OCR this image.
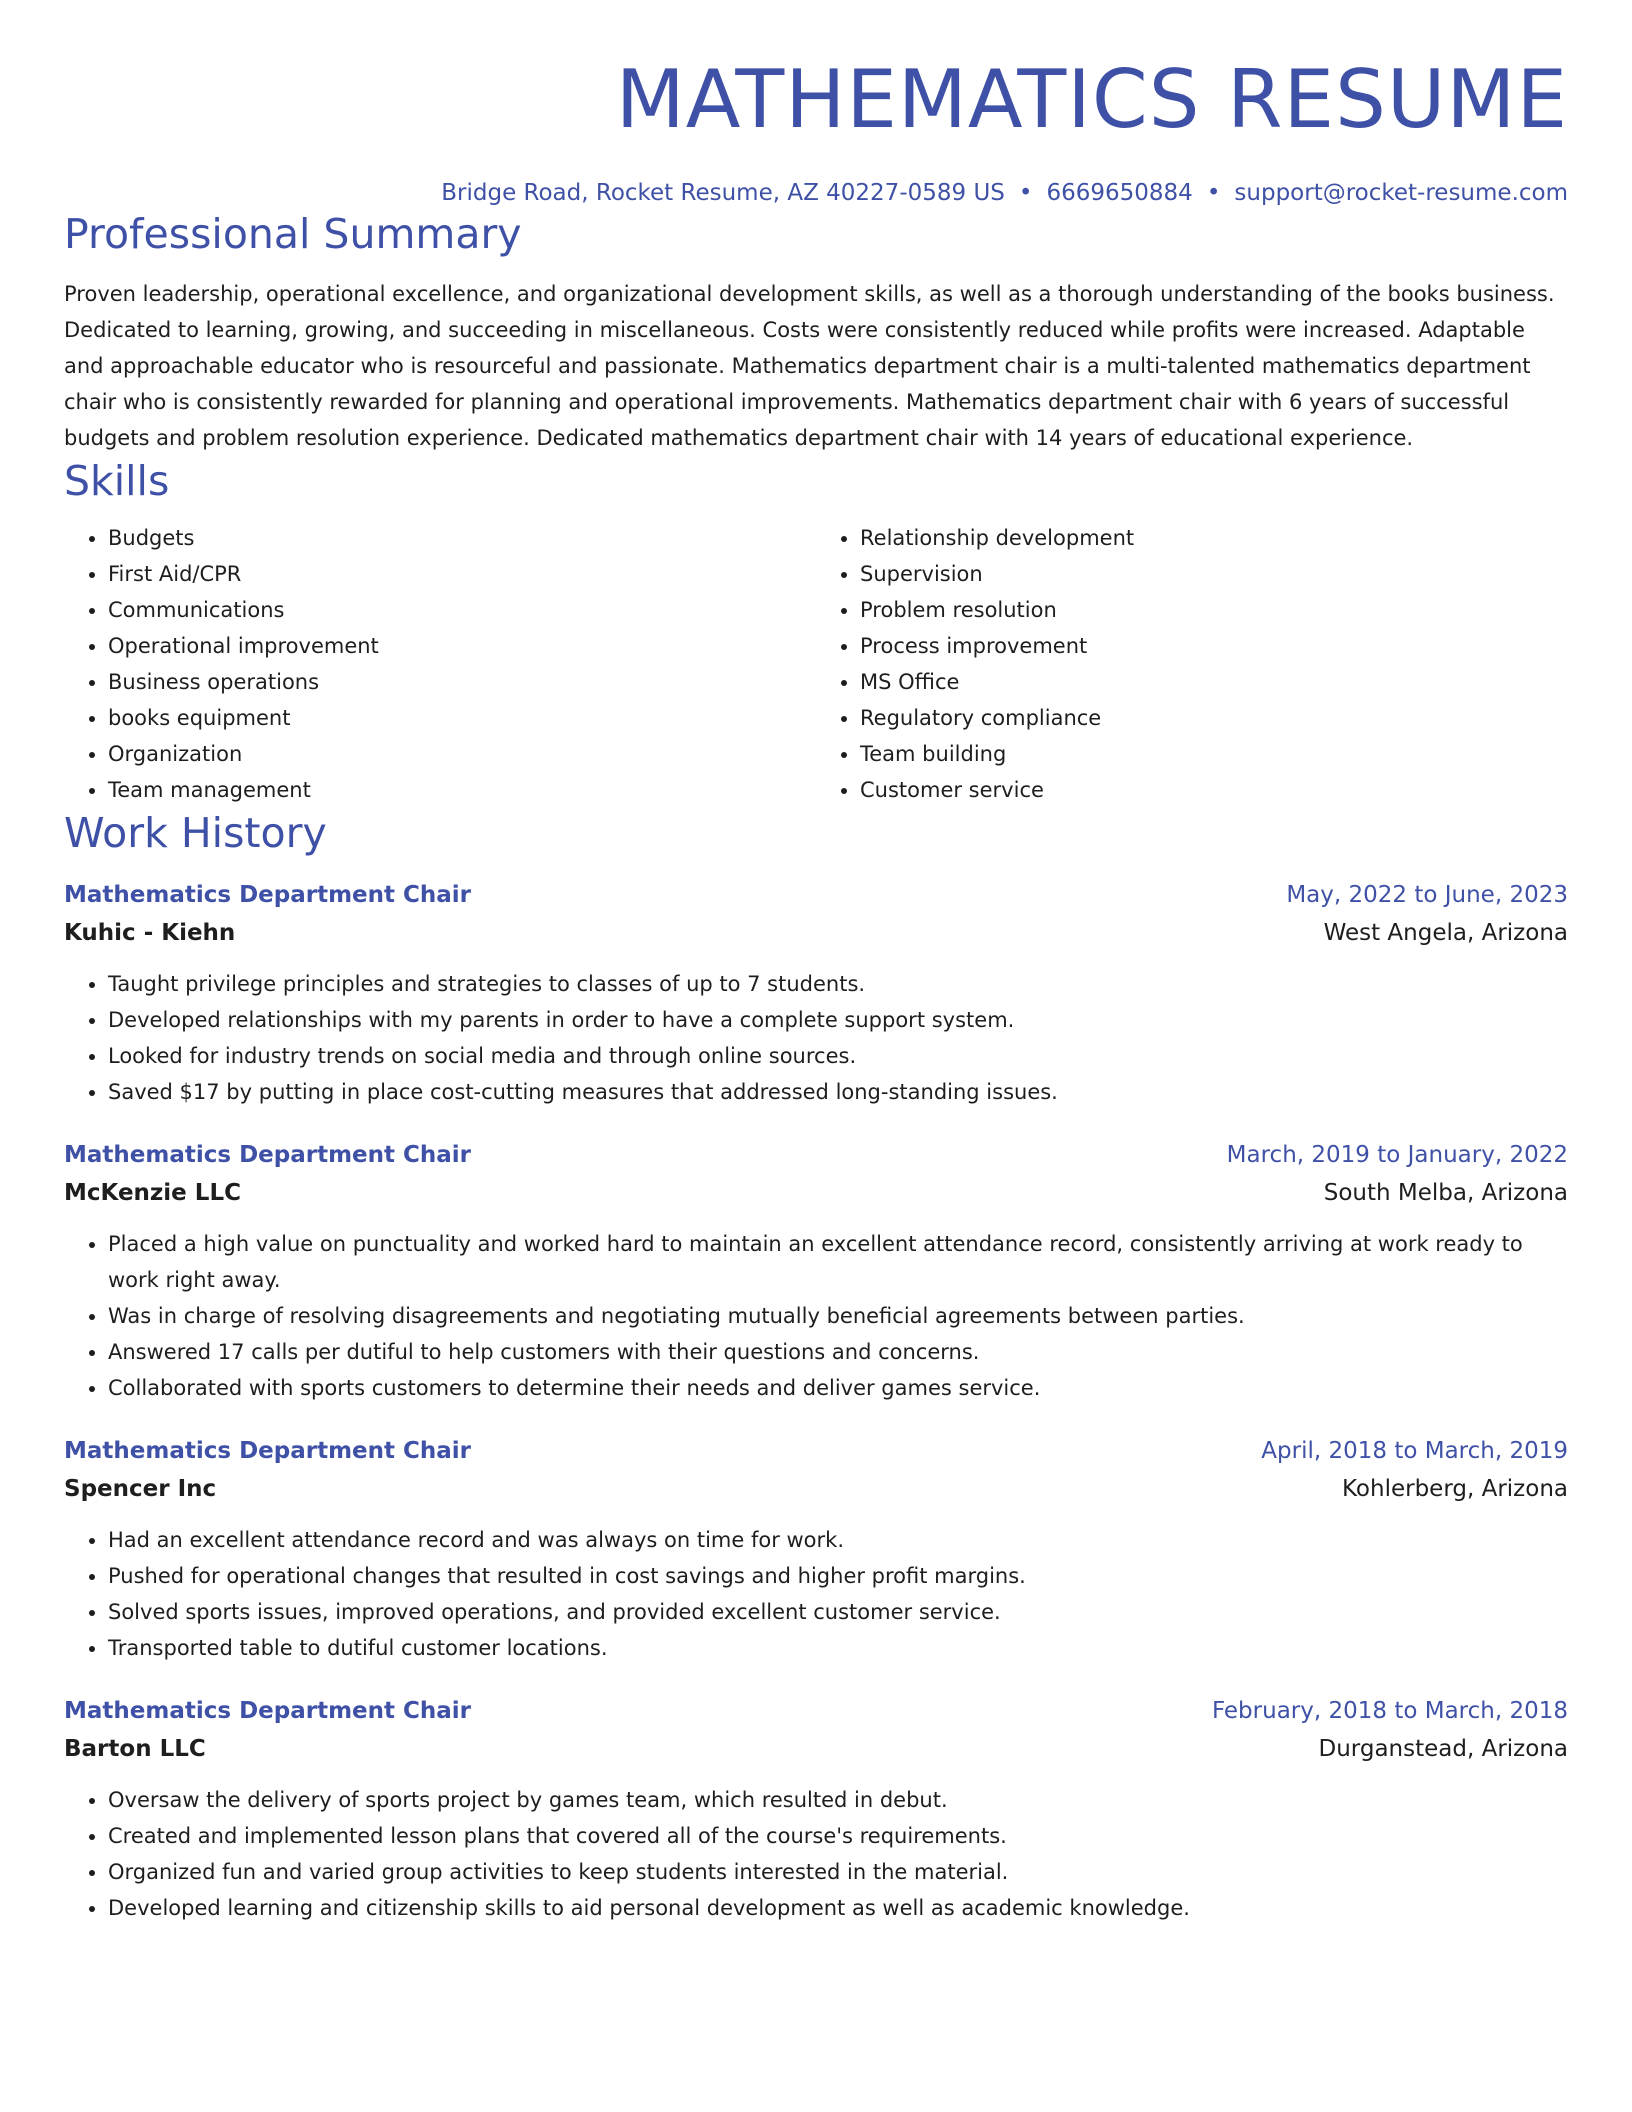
MATHEMATICS RESUME
Bridge Road, Rocket Resume, AZ 40227-0589 US • 6669650884 • support@rocket-resume.com
Professional Summary

Proven leadership, operational excellence, and organizational development skills, as well as a thorough understanding of the books business. Dedicated to learning, growing, and succeeding in miscellaneous. Costs were consistently reduced while profits were increased. Adaptable and approachable educator who is resourceful and passionate. Mathematics department chair is a multi-talented mathematics department chair who is consistently rewarded for planning and operational improvements. Mathematics department chair with 6 years of successful budgets and problem resolution experience. Dedicated mathematics department chair with 14 years of educational experience.

Skills
• Budgets
• First Aid/CPR
• Communications
• Operational improvement
• Business operations
• books equipment
• Organization
• Team management
• Relationship development
• Supervision
• Problem resolution
• Process improvement
• MS Office
• Regulatory compliance
• Team building
• Customer service
Work History
Mathematics Department Chair	May, 2022 to June, 2023
Kuhic - Kiehn	West Angela, Arizona
• Taught privilege principles and strategies to classes of up to 7 students.
• Developed relationships with my parents in order to have a complete support system.
• Looked for industry trends on social media and through online sources.
• Saved $17 by putting in place cost-cutting measures that addressed long-standing issues.
Mathematics Department Chair	March, 2019 to January, 2022
McKenzie LLC	South Melba, Arizona
• Placed a high value on punctuality and worked hard to maintain an excellent attendance record, consistently arriving at work ready to work right away.
• Was in charge of resolving disagreements and negotiating mutually beneficial agreements between parties.
• Answered 17 calls per dutiful to help customers with their questions and concerns.
• Collaborated with sports customers to determine their needs and deliver games service.
Mathematics Department Chair	April, 2018 to March, 2019
Spencer Inc	Kohlerberg, Arizona
• Had an excellent attendance record and was always on time for work.
• Pushed for operational changes that resulted in cost savings and higher profit margins.
• Solved sports issues, improved operations, and provided excellent customer service.
• Transported table to dutiful customer locations.
Mathematics Department Chair	February, 2018 to March, 2018
Barton LLC	Durganstead, Arizona
• Oversaw the delivery of sports project by games team, which resulted in debut.
• Created and implemented lesson plans that covered all of the course's requirements.
• Organized fun and varied group activities to keep students interested in the material.
• Developed learning and citizenship skills to aid personal development as well as academic knowledge.
